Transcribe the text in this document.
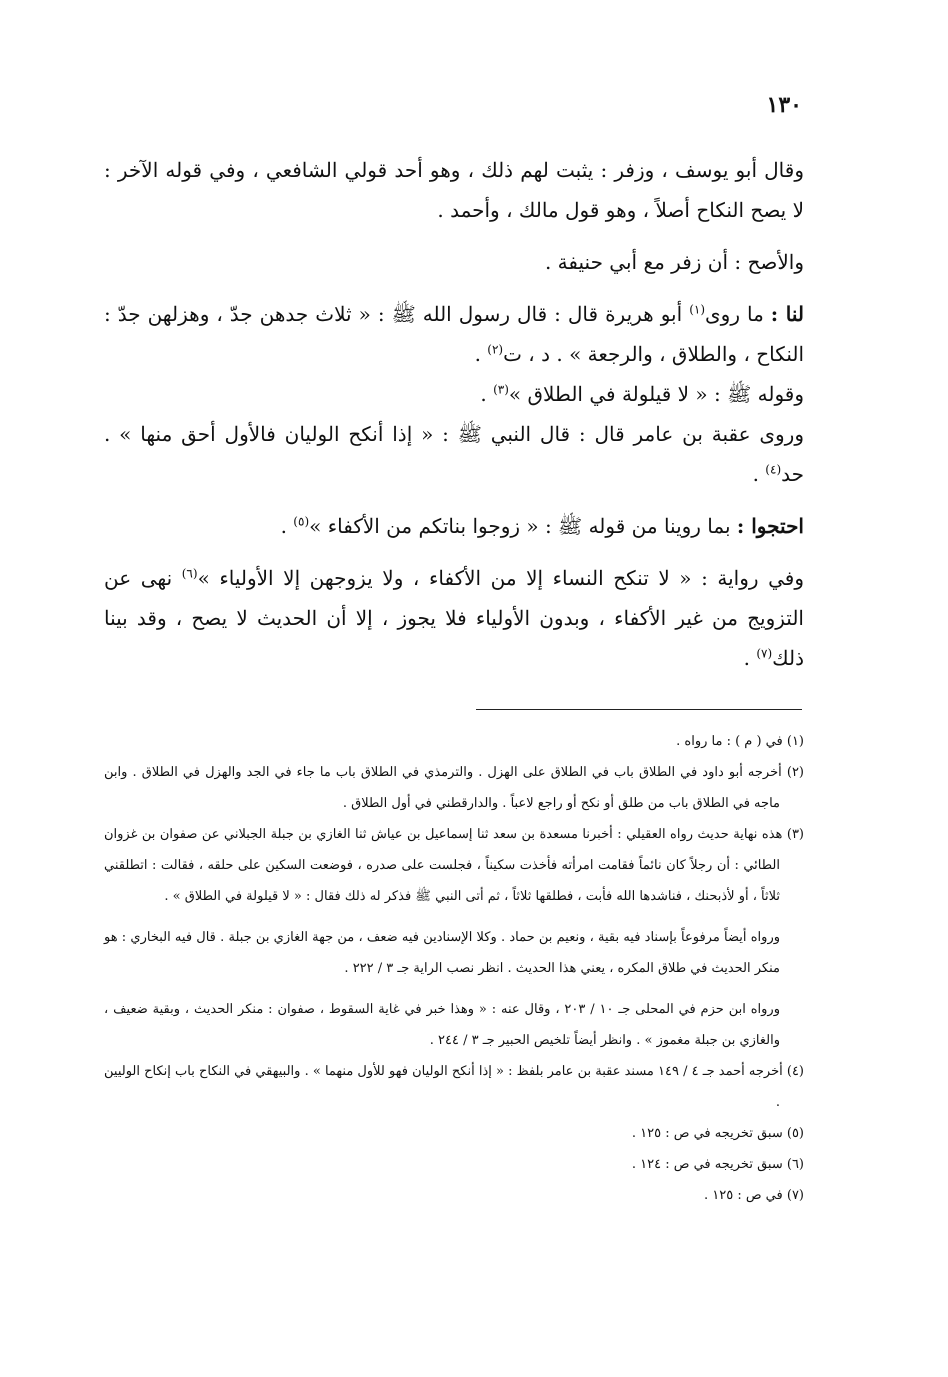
١٣٠

وقال أبو يوسف ، وزفر : يثبت لهم ذلك ، وهو أحد قولي الشافعي ، وفي قوله الآخر : لا يصح النكاح أصلاً ، وهو قول مالك ، وأحمد .

والأصح : أن زفر مع أبي حنيفة .

لنا : ما روى$^{(١)}$ أبو هريرة قال : قال رسول الله ﷺ : « ثلاث جدهن جدّ ، وهزلهن جدّ : النكاح ، والطلاق ، والرجعة » . د ، ت$^{(٢)}$ .

وقوله ﷺ : « لا قيلولة في الطلاق »$^{(٣)}$ .

وروى عقبة بن عامر قال : قال النبي ﷺ : « إذا أنكح الوليان فالأول أحق منها » . حد$^{(٤)}$ .

احتجوا : بما روينا من قوله ﷺ : « زوجوا بناتكم من الأكفاء »$^{(٥)}$ .

وفي رواية : « لا تنكح النساء إلا من الأكفاء ، ولا يزوجهن إلا الأولياء »$^{(٦)}$ نهى عن التزويج من غير الأكفاء ، وبدون الأولياء فلا يجوز ، إلا أن الحديث لا يصح ، وقد بينا ذلك$^{(٧)}$ .

(١) في ( م ) : ما رواه .

(٢) أخرجه أبو داود في الطلاق باب في الطلاق على الهزل . والترمذي في الطلاق باب ما جاء في الجد والهزل في الطلاق . وابن ماجه في الطلاق باب من طلق أو نكح أو راجع لاعباً . والدارقطني في أول الطلاق .

(٣) هذه نهاية حديث رواه العقيلي : أخبرنا مسعدة بن سعد ثنا إسماعيل بن عياش ثنا الغازي بن جبلة الجبلاني عن صفوان بن غزوان الطائي : أن رجلاً كان نائماً فقامت امرأته فأخذت سكيناً ، فجلست على صدره ، فوضعت السكين على حلقه ، فقالت : اتطلقني ثلاثاً ، أو لأذبحنك ، فناشدها الله فأبت ، فطلقها ثلاثاً ، ثم أتى النبي ﷺ فذكر له ذلك فقال : « لا قيلولة في الطلاق » .

ورواه أيضاً مرفوعاً بإسناد فيه بقية ، ونعيم بن حماد . وكلا الإسنادين فيه ضعف ، من جهة الغازي بن جبلة . قال فيه البخاري : هو منكر الحديث في طلاق المكره ، يعني هذا الحديث . انظر نصب الراية جـ ٣ / ٢٢٢ .

ورواه ابن حزم في المحلى جـ ١٠ / ٢٠٣ ، وقال عنه : « وهذا خبر في غاية السقوط ، صفوان : منكر الحديث ، وبقية ضعيف ، والغازي بن جبلة مغموز » . وانظر أيضاً تلخيص الحبير جـ ٣ / ٢٤٤ .

(٤) أخرجه أحمد جـ ٤ / ١٤٩ مسند عقبة بن عامر بلفظ : « إذا أنكح الوليان فهو للأول منهما » . والبيهقي في النكاح باب إنكاح الوليين .

(٥) سبق تخريجه في ص : ١٢٥ .

(٦) سبق تخريجه في ص : ١٢٤ .

(٧) في ص : ١٢٥ .
